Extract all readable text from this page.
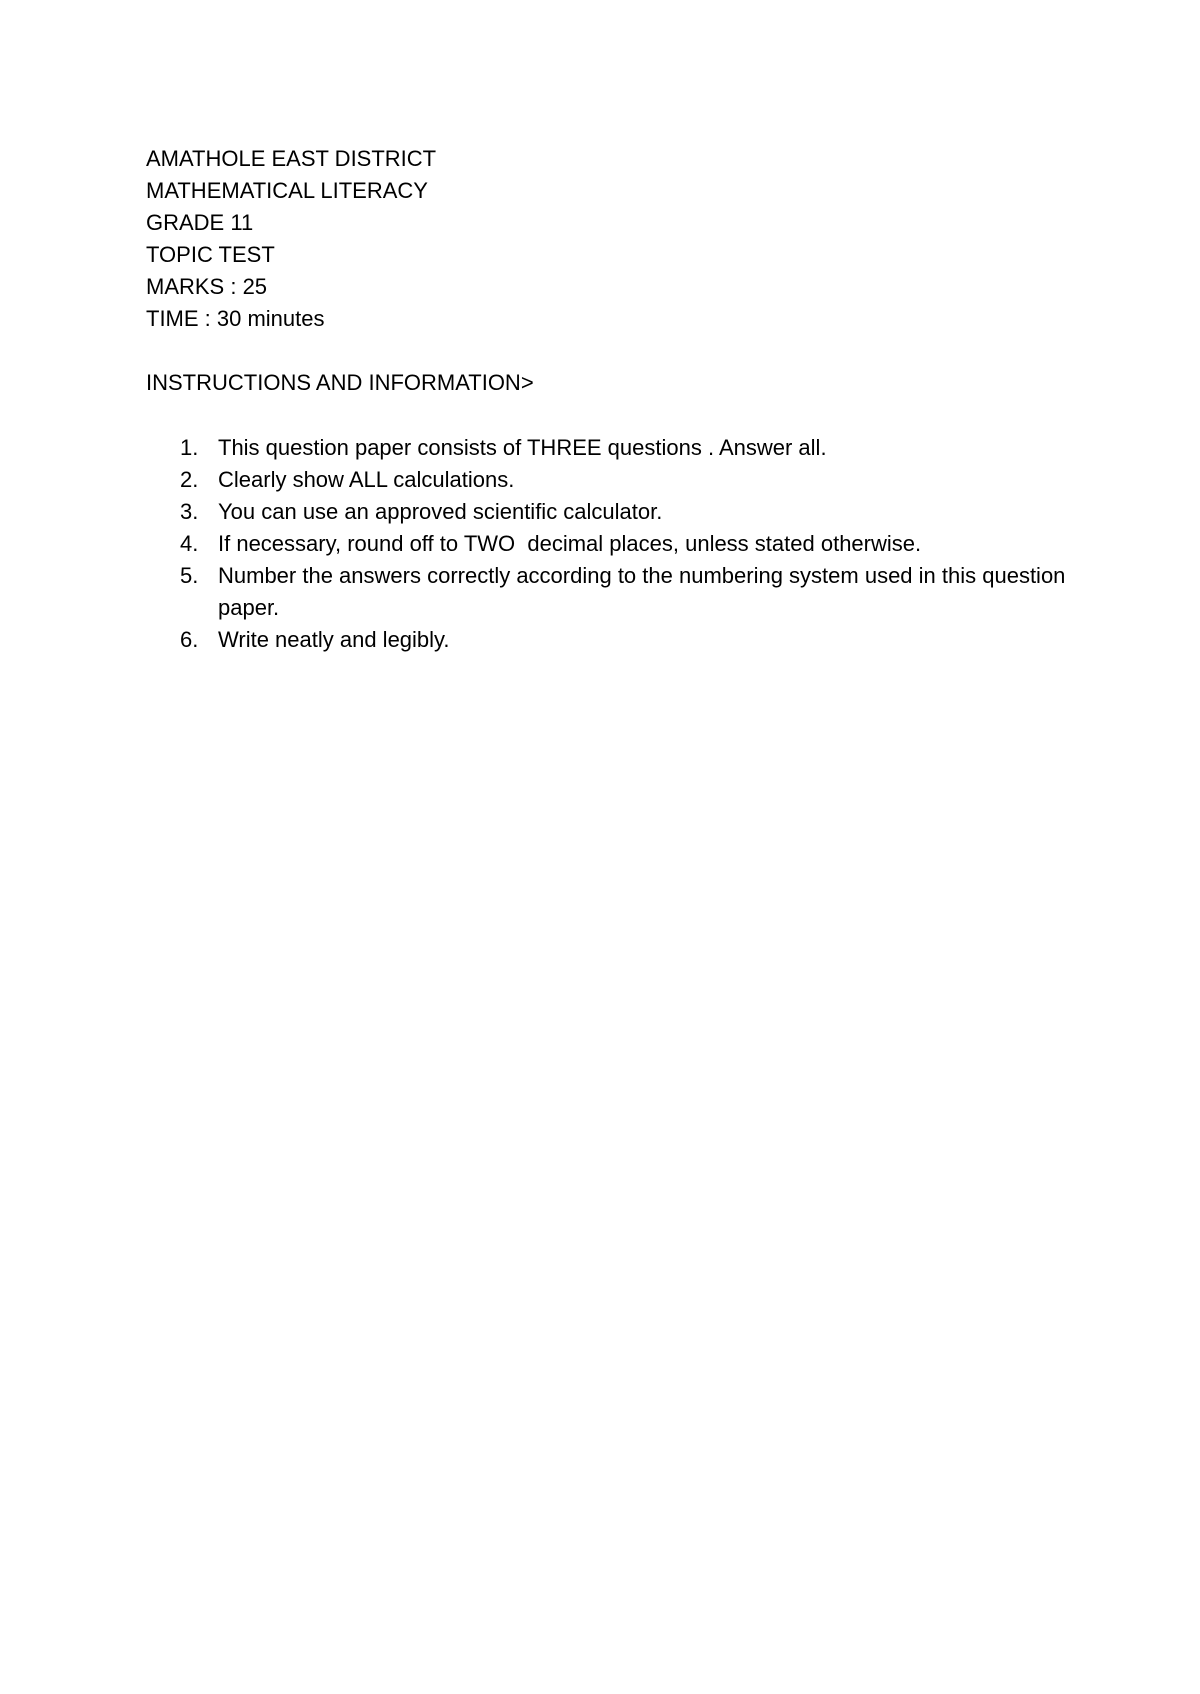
AMATHOLE EAST DISTRICT
MATHEMATICAL LITERACY
GRADE 11
TOPIC TEST
MARKS : 25
TIME : 30 minutes
INSTRUCTIONS AND INFORMATION>
1. This question paper consists of THREE questions . Answer all.
2. Clearly show ALL calculations.
3. You can use an approved scientific calculator.
4. If necessary, round off to TWO  decimal places, unless stated otherwise.
5. Number the answers correctly according to the numbering system used in this question paper.
6. Write neatly and legibly.
